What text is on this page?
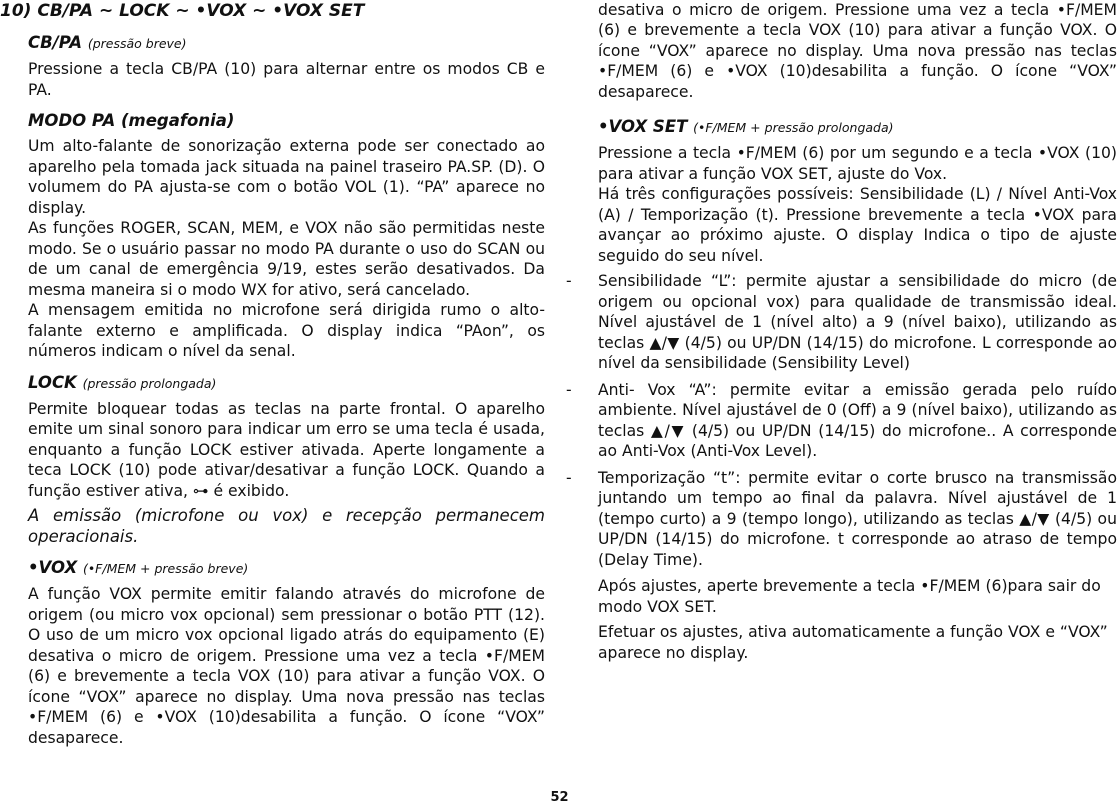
10) CB/PA ~ LOCK ~ •VOX ~ •VOX SET
CB/PA (pressão breve)

Pressione a tecla CB/PA (10) para alternar entre os modos CB e PA.

MODO PA (megafonia)

Um alto-falante de sonorização externa pode ser conectado ao aparelho pela tomada jack situada na painel traseiro PA.SP. (D). O volumem do PA ajusta-se com o botão VOL (1). “PA” aparece no display.

As funções ROGER, SCAN, MEM, e VOX não são permitidas neste modo. Se o usuário passar no modo PA durante o uso do SCAN ou de um canal de emergência 9/19, estes serão desativados. Da mesma maneira si o modo WX for ativo, será cancelado.

A mensagem emitida no microfone será dirigida rumo o alto-falante externo e amplificada. O display indica “PAon”, os números indicam o nível da senal.

LOCK (pressão prolongada)

Permite bloquear todas as teclas na parte frontal. O aparelho emite um sinal sonoro para indicar um erro se uma tecla é usada, enquanto a função LOCK estiver ativada. Aperte longamente a teca LOCK (10) pode ativar/desativar a função LOCK. Quando a função estiver ativa, ⊶ é exibido.

A emissão (microfone ou vox) e recepção permanecem operacionais.

•VOX (•F/MEM + pressão breve)

A função VOX permite emitir falando através do microfone de origem (ou micro vox opcional) sem pressionar o botão PTT (12). O uso de um micro vox opcional ligado atrás do equipamento (E) desativa o micro de origem. Pressione uma vez a tecla •F/MEM (6) e brevemente a tecla VOX (10) para ativar a função VOX. O ícone “VOX” aparece no display. Uma nova pressão nas teclas •F/MEM (6) e •VOX (10)desabilita a função. O ícone “VOX” desaparece.

desativa o micro de origem. Pressione uma vez a tecla •F/MEM (6) e brevemente a tecla VOX (10) para ativar a função VOX. O ícone “VOX” aparece no display. Uma nova pressão nas teclas •F/MEM (6) e •VOX (10)desabilita a função. O ícone “VOX” desaparece.

•VOX SET (•F/MEM + pressão prolongada)

Pressione a tecla •F/MEM (6) por um segundo e a tecla •VOX (10) para ativar a função VOX SET, ajuste do Vox.

Há três configurações possíveis: Sensibilidade (L) / Nível Anti-Vox (A) / Temporização (t). Pressione brevemente a tecla •VOX para avançar ao próximo ajuste. O display Indica o tipo de ajuste seguido do seu nível.

- Sensibilidade “L”: permite ajustar a sensibilidade do micro (de origem ou opcional vox) para qualidade de transmissão ideal. Nível ajustável de 1 (nível alto) a 9 (nível baixo), utilizando as teclas ▲/▼ (4/5) ou UP/DN (14/15) do microfone. L corresponde ao nível da sensibilidade (Sensibility Level)

- Anti- Vox “A”: permite evitar a emissão gerada pelo ruído ambiente. Nível ajustável de 0 (Off) a 9 (nível baixo), utilizando as teclas ▲/▼ (4/5) ou UP/DN (14/15) do microfone.. A corresponde ao Anti-Vox (Anti-Vox Level).

- Temporização “t”: permite evitar o corte brusco na transmissão juntando um tempo ao final da palavra. Nível ajustável de 1 (tempo curto) a 9 (tempo longo), utilizando as teclas ▲/▼ (4/5) ou UP/DN (14/15) do microfone. t corresponde ao atraso de tempo (Delay Time).

Após ajustes, aperte brevemente a tecla •F/MEM (6)para sair do modo VOX SET.

Efetuar os ajustes, ativa automaticamente a função VOX e “VOX” aparece no display.

52
